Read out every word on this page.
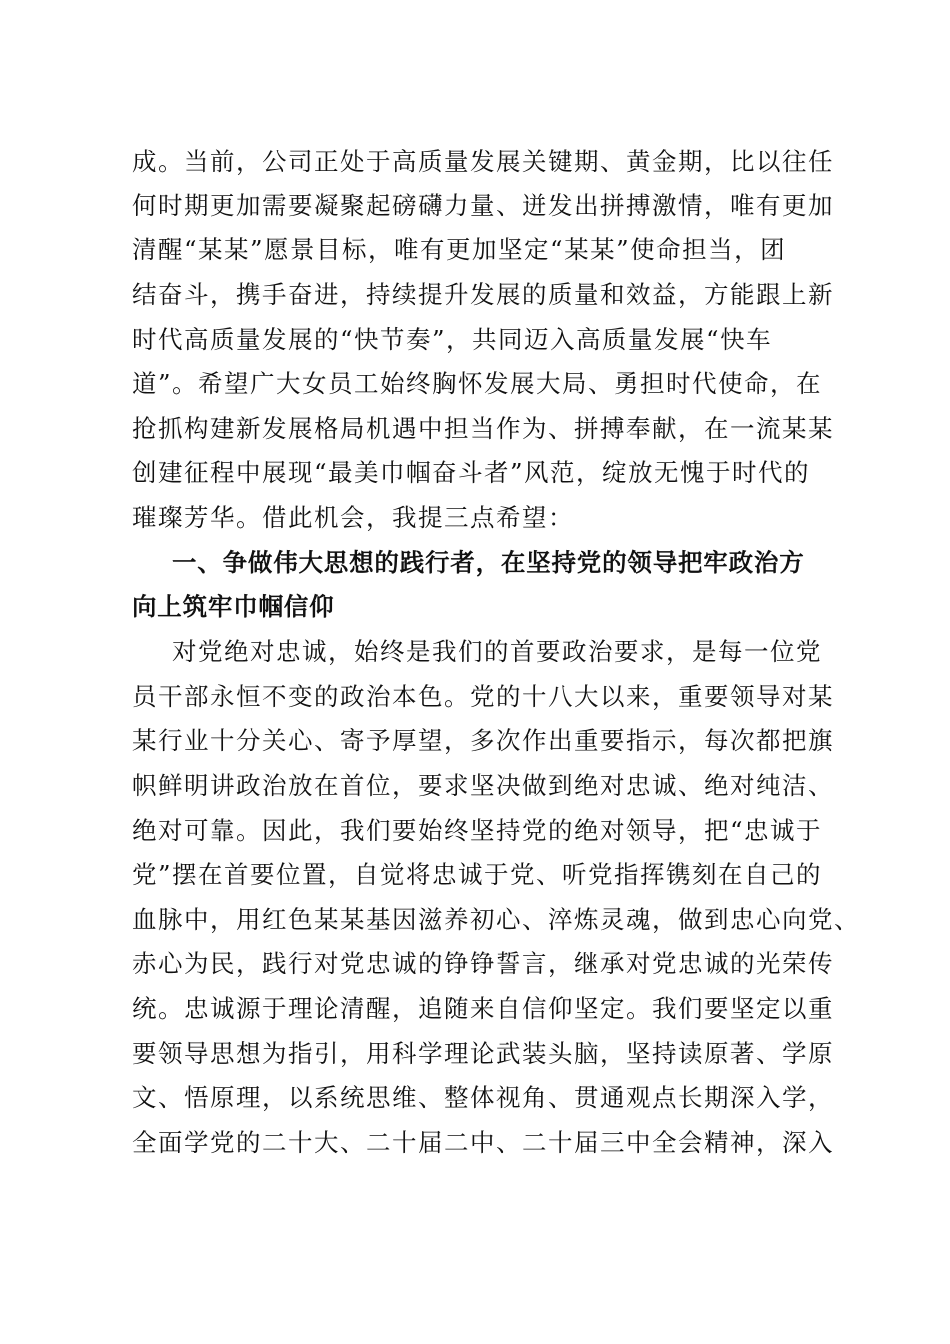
成。当前，公司正处于高质量发展关键期、黄金期，比以往任
何时期更加需要凝聚起磅礴力量、迸发出拼搏激情，唯有更加
清醒“某某”愿景目标，唯有更加坚定“某某”使命担当，团
结奋斗，携手奋进，持续提升发展的质量和效益，方能跟上新
时代高质量发展的“快节奏”，共同迈入高质量发展“快车
道”。希望广大女员工始终胸怀发展大局、勇担时代使命，在
抢抓构建新发展格局机遇中担当作为、拼搏奉献，在一流某某
创建征程中展现“最美巾帼奋斗者”风范，绽放无愧于时代的
璀璨芳华。借此机会，我提三点希望：
一、争做伟大思想的践行者，在坚持党的领导把牢政治方
向上筑牢巾帼信仰
对党绝对忠诚，始终是我们的首要政治要求，是每一位党
员干部永恒不变的政治本色。党的十八大以来，重要领导对某
某行业十分关心、寄予厚望，多次作出重要指示，每次都把旗
帜鲜明讲政治放在首位，要求坚决做到绝对忠诚、绝对纯洁、
绝对可靠。因此，我们要始终坚持党的绝对领导，把“忠诚于
党”摆在首要位置，自觉将忠诚于党、听党指挥镌刻在自己的
血脉中，用红色某某基因滋养初心、淬炼灵魂，做到忠心向党、
赤心为民，践行对党忠诚的铮铮誓言，继承对党忠诚的光荣传
统。忠诚源于理论清醒，追随来自信仰坚定。我们要坚定以重
要领导思想为指引，用科学理论武装头脑，坚持读原著、学原
文、悟原理，以系统思维、整体视角、贯通观点长期深入学，
全面学党的二十大、二十届二中、二十届三中全会精神，深入
